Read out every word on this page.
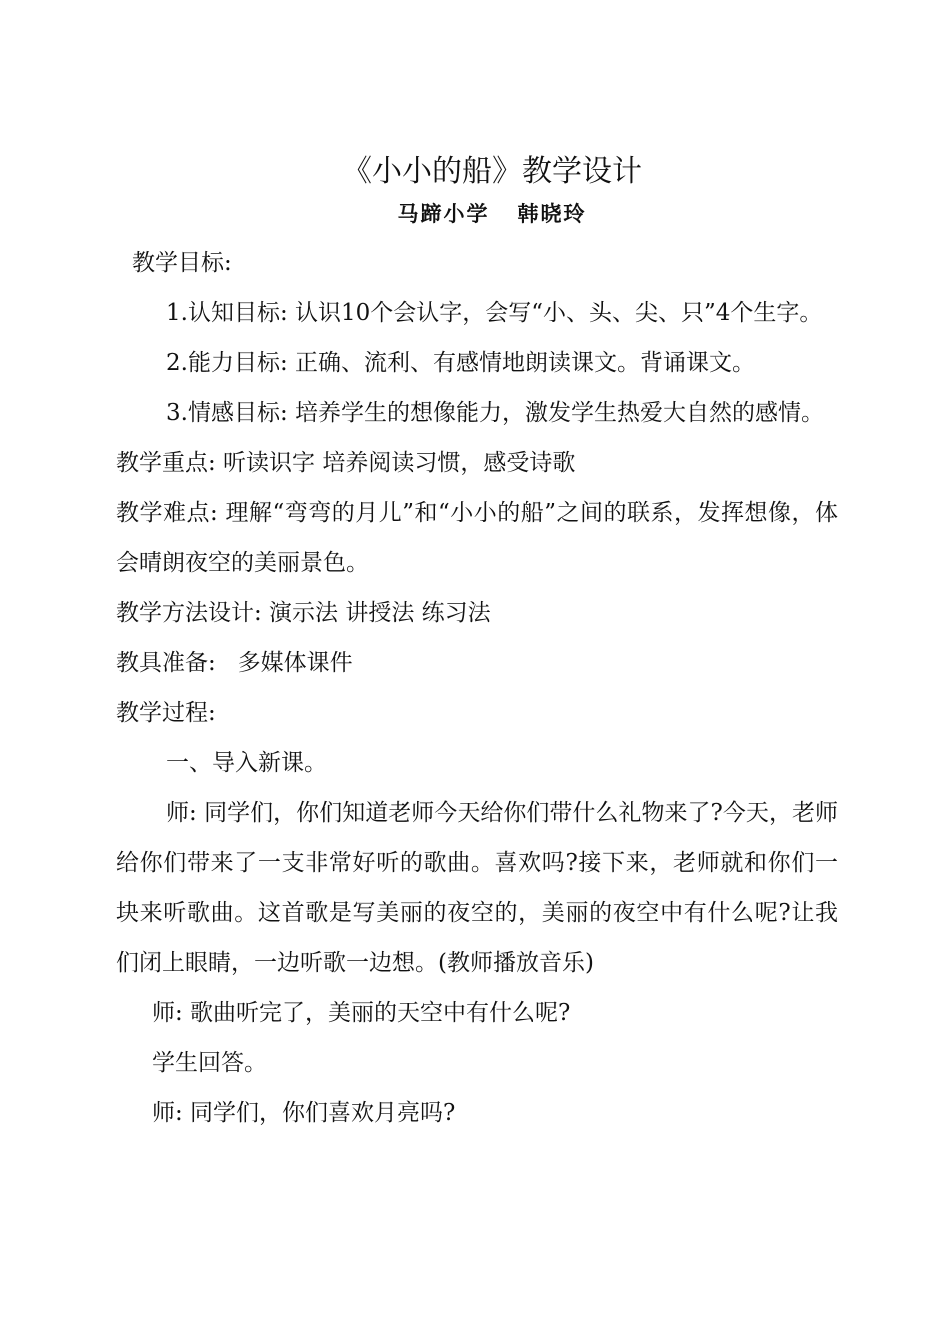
《小小的船》教学设计
马蹄小学 韩晓玲

教学目标:

1.认知目标: 认识10个会认字，会写“小、头、尖、只”4个生字。

2.能力目标: 正确、流利、有感情地朗读课文。背诵课文。

3.情感目标: 培养学生的想像能力，激发学生热爱大自然的感情。

教学重点: 听读识字 培养阅读习惯，感受诗歌

教学难点: 理解“弯弯的月儿”和“小小的船”之间的联系，发挥想像，体会晴朗夜空的美丽景色。

教学方法设计: 演示法 讲授法 练习法

教具准备:   多媒体课件

教学过程:

一、导入新课。

师: 同学们，你们知道老师今天给你们带什么礼物来了?今天，老师给你们带来了一支非常好听的歌曲。喜欢吗?接下来，老师就和你们一块来听歌曲。这首歌是写美丽的夜空的，美丽的夜空中有什么呢?让我们闭上眼睛，一边听歌一边想。(教师播放音乐)

师: 歌曲听完了，美丽的天空中有什么呢?

学生回答。

师: 同学们，你们喜欢月亮吗?
